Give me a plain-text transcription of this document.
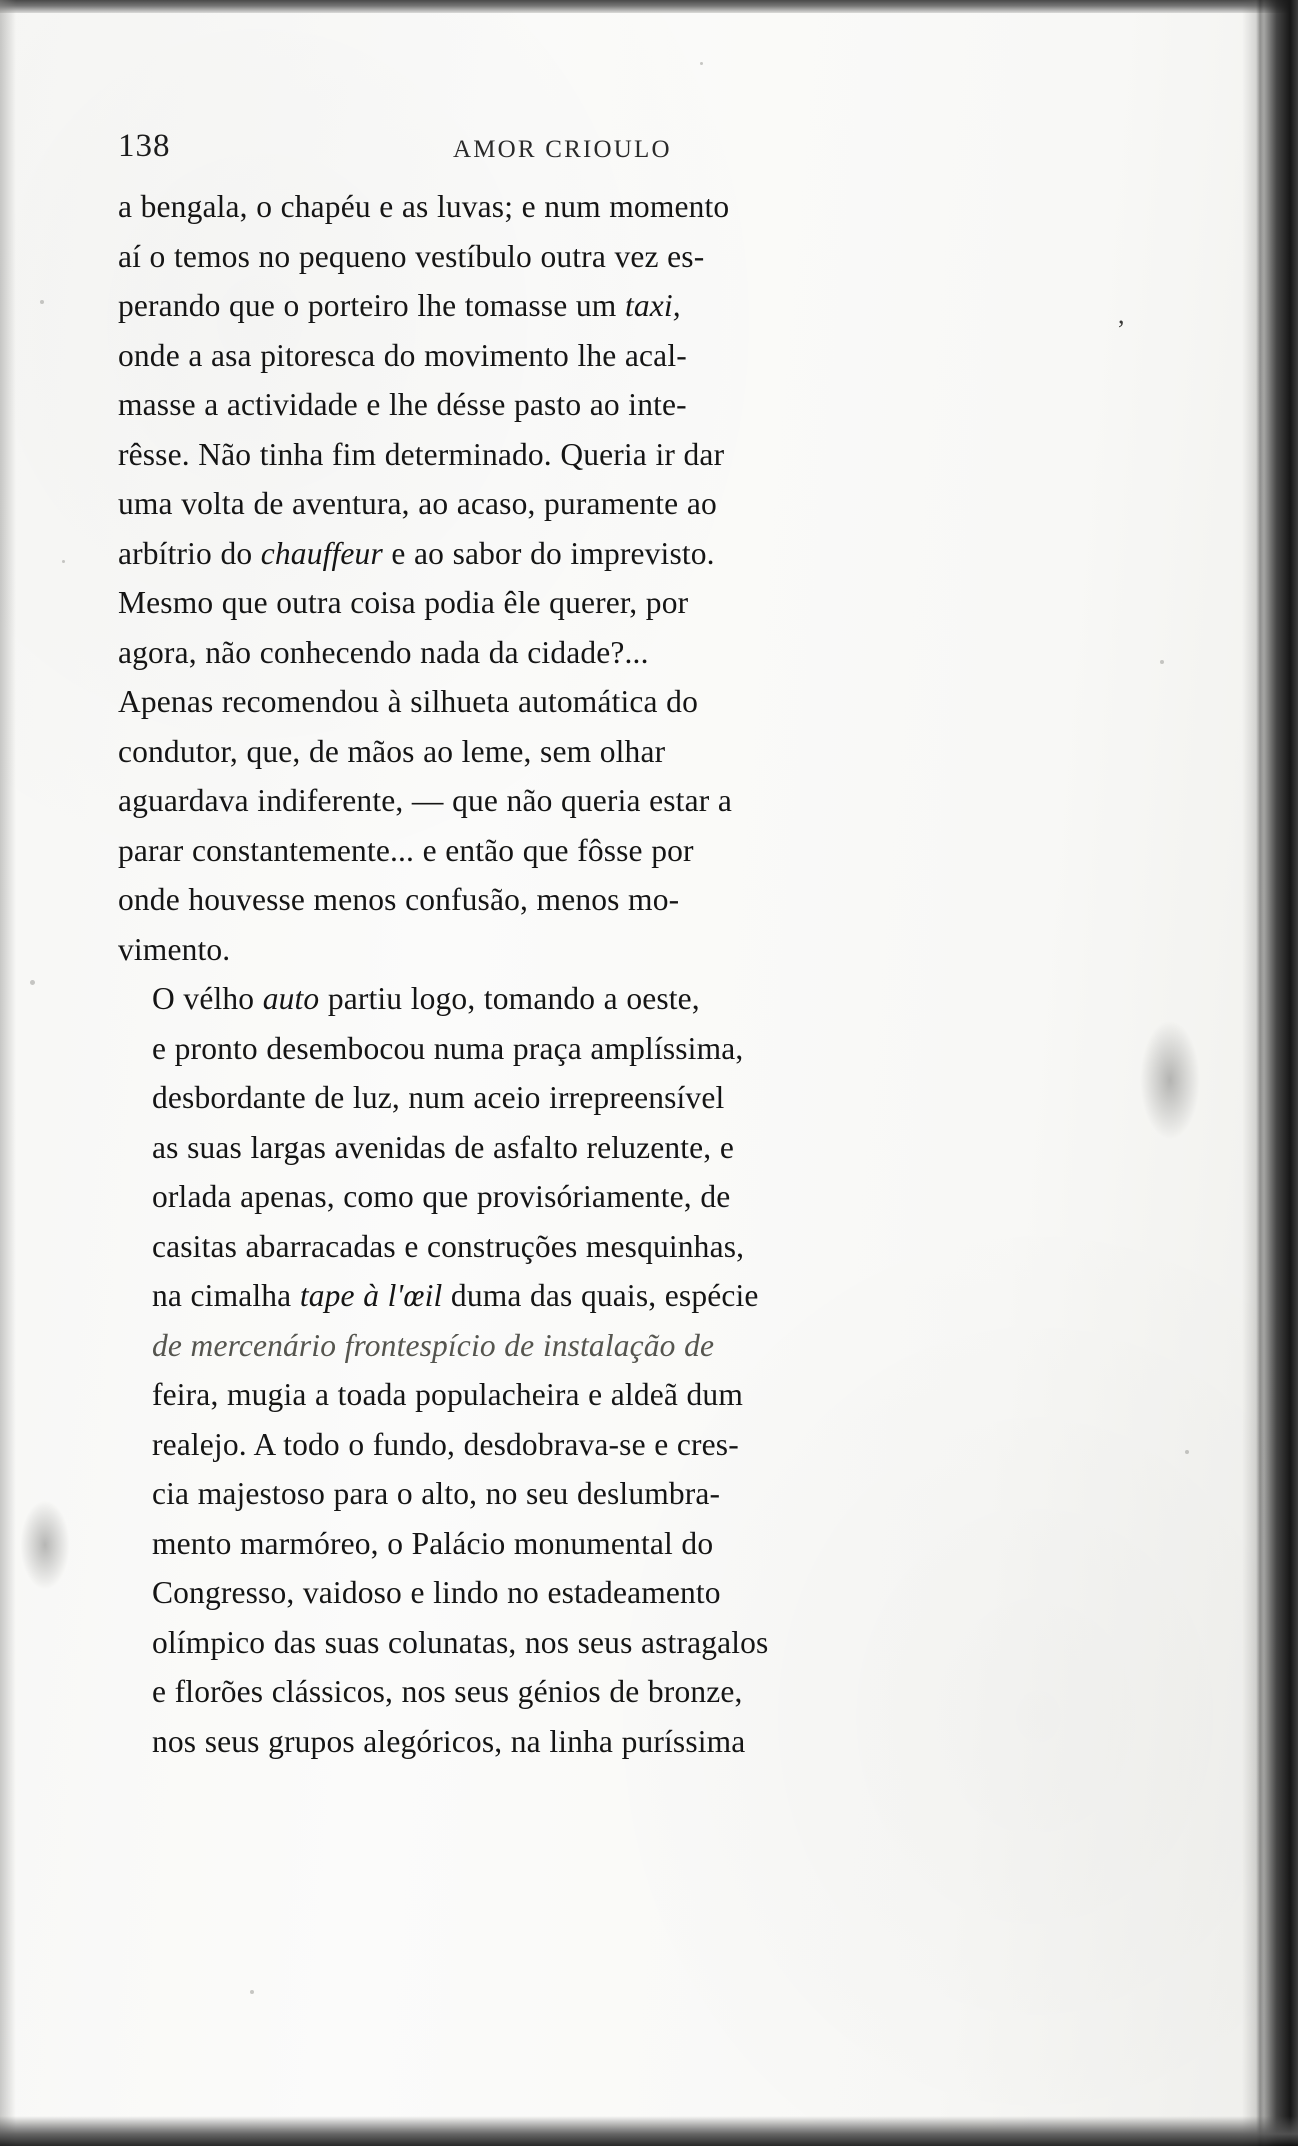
,
138	AMOR CRIOULO

a bengala, o chapéu e as luvas; e num momento
aí o temos no pequeno vestíbulo outra vez es-
perando que o porteiro lhe tomasse um taxi,
onde a asa pitoresca do movimento lhe acal-
masse a actividade e lhe désse pasto ao inte-
rêsse. Não tinha fim determinado. Queria ir dar
uma volta de aventura, ao acaso, puramente ao
arbítrio do chauffeur e ao sabor do imprevisto.
Mesmo que outra coisa podia êle querer, por
agora, não conhecendo nada da cidade?...
Apenas recomendou à silhueta automática do
condutor, que, de mãos ao leme, sem olhar
aguardava indiferente, — que não queria estar a
parar constantemente... e então que fôsse por
onde houvesse menos confusão, menos mo-
vimento.

O vélho auto partiu logo, tomando a oeste,
e pronto desembocou numa praça amplíssima,
desbordante de luz, num aceio irrepreensível
as suas largas avenidas de asfalto reluzente, e
orlada apenas, como que provisóriamente, de
casitas abarracadas e construções mesquinhas,
na cimalha tape à l'œil duma das quais, espécie
de mercenário frontespício de instalação de
feira, mugia a toada populacheira e aldeã dum
realejo. A todo o fundo, desdobrava-se e cres-
cia majestoso para o alto, no seu deslumbra-
mento marmóreo, o Palácio monumental do
Congresso, vaidoso e lindo no estadeamento
olímpico das suas colunatas, nos seus astragalos
e florões clássicos, nos seus génios de bronze,
nos seus grupos alegóricos, na linha puríssima
